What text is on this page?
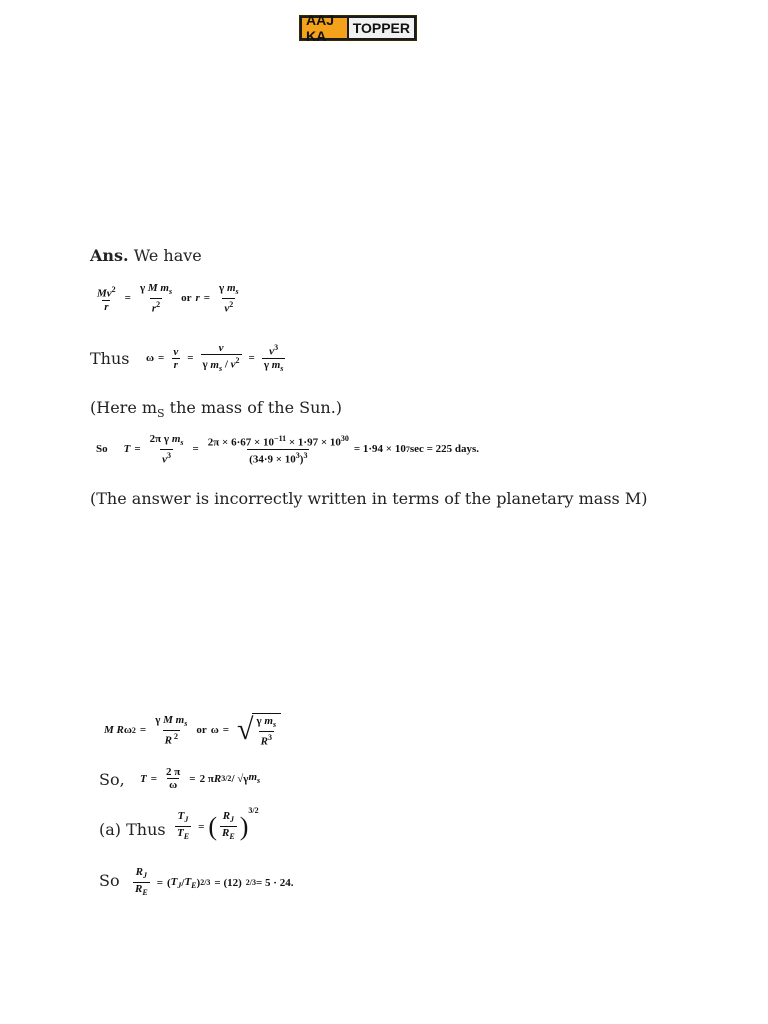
AAJ KA	TOPPER
Ans. We have
$\frac{Mv^2}{r} = \frac{\gamma M m_s}{r^2}$ or $r = \frac{\gamma m_s}{v^2}$
Thus $\omega = \frac{v}{r} = \frac{v}{\gamma m_s / v^2} = \frac{v^3}{\gamma m_s}$
(Here $m_S$ the mass of the Sun.)
So $T = \frac{2\pi \gamma m_s}{v^3} = \frac{2\pi \times 6\cdot 67 \times 10^{-11} \times 1\cdot 97 \times 10^{30}}{(34\cdot 9 \times 10^3)^3} = 1\cdot 94 \times 10$ 7 sec = 225 days.
(The answer is incorrectly written in terms of the planetary mass M)
M R ω $2 = \frac{\gamma M m_s}{R ^2}$ or ω = √ $\frac{\gamma m_s}{R^3}$
So, $T = \frac{2 \pi}{\omega} = 2$ π R 3/2 / √γ $m_s$
(a) Thus $\frac{T_J}{T_E}$ = ( $\frac{R_J}{R_E}$ )
$^{3/2}$
So $\frac{R_J}{R_E}$ = ( $T_J / T_E$ ) 2/3 = (12) 2/3 = 5 · 24.
